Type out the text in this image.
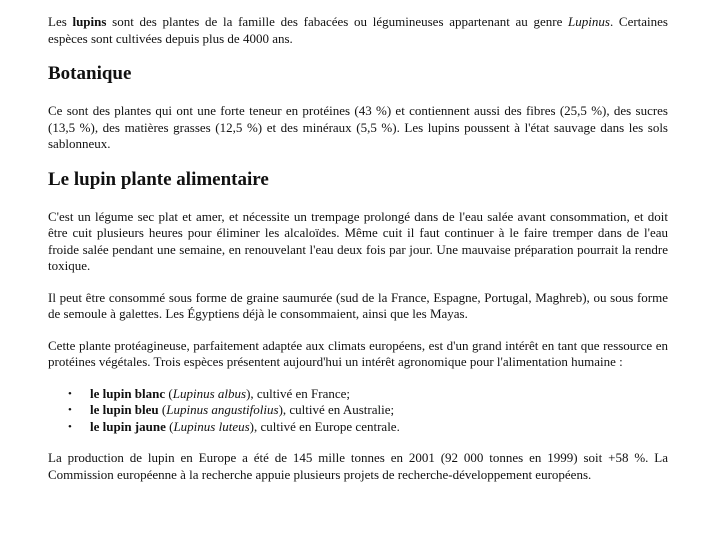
Les lupins sont des plantes de la famille des fabacées ou légumineuses appartenant au genre Lupinus. Certaines espèces sont cultivées depuis plus de 4000 ans.

Botanique

Ce sont des plantes qui ont une forte teneur en protéines (43 %) et contiennent aussi des fibres (25,5 %), des sucres (13,5 %), des matières grasses (12,5 %) et des minéraux (5,5 %). Les lupins poussent à l'état sauvage dans les sols sablonneux.

Le lupin plante alimentaire

C'est un légume sec plat et amer, et nécessite un trempage prolongé dans de l'eau salée avant consommation, et doit être cuit plusieurs heures pour éliminer les alcaloïdes. Même cuit il faut continuer à le faire tremper dans de l'eau froide salée pendant une semaine, en renouvelant l'eau deux fois par jour. Une mauvaise préparation pourrait la rendre toxique.

Il peut être consommé sous forme de graine saumurée (sud de la France, Espagne, Portugal, Maghreb), ou sous forme de semoule à galettes. Les Égyptiens déjà le consommaient, ainsi que les Mayas.

Cette plante protéagineuse, parfaitement adaptée aux climats européens, est d'un grand intérêt en tant que ressource en protéines végétales. Trois espèces présentent aujourd'hui un intérêt agronomique pour l'alimentation humaine :

• le lupin blanc (Lupinus albus), cultivé en France;
• le lupin bleu (Lupinus angustifolius), cultivé en Australie;
• le lupin jaune (Lupinus luteus), cultivé en Europe centrale.

La production de lupin en Europe a été de 145 mille tonnes en 2001 (92 000 tonnes en 1999) soit +58 %. La Commission européenne à la recherche appuie plusieurs projets de recherche-développement européens.
